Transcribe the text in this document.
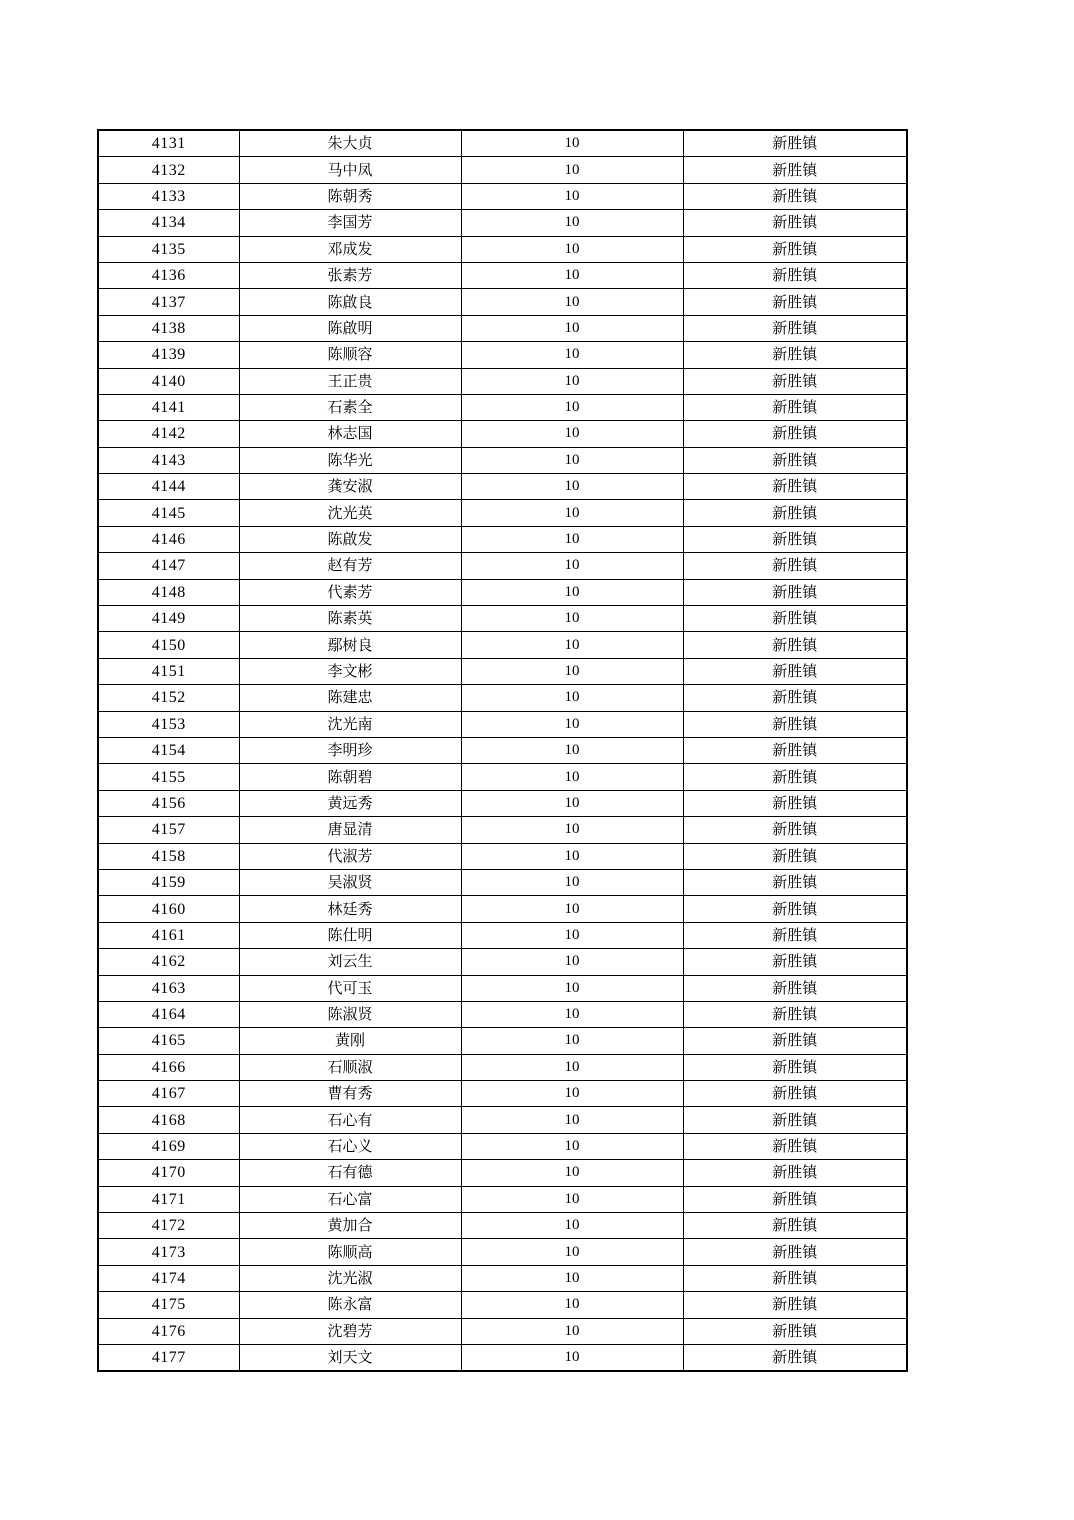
4131	朱大贞	10	新胜镇
4132	马中凤	10	新胜镇
4133	陈朝秀	10	新胜镇
4134	李国芳	10	新胜镇
4135	邓成发	10	新胜镇
4136	张素芳	10	新胜镇
4137	陈啟良	10	新胜镇
4138	陈啟明	10	新胜镇
4139	陈顺容	10	新胜镇
4140	王正贵	10	新胜镇
4141	石素全	10	新胜镇
4142	林志国	10	新胜镇
4143	陈华光	10	新胜镇
4144	龚安淑	10	新胜镇
4145	沈光英	10	新胜镇
4146	陈啟发	10	新胜镇
4147	赵有芳	10	新胜镇
4148	代素芳	10	新胜镇
4149	陈素英	10	新胜镇
4150	鄢树良	10	新胜镇
4151	李文彬	10	新胜镇
4152	陈建忠	10	新胜镇
4153	沈光南	10	新胜镇
4154	李明珍	10	新胜镇
4155	陈朝碧	10	新胜镇
4156	黄远秀	10	新胜镇
4157	唐显清	10	新胜镇
4158	代淑芳	10	新胜镇
4159	吴淑贤	10	新胜镇
4160	林廷秀	10	新胜镇
4161	陈仕明	10	新胜镇
4162	刘云生	10	新胜镇
4163	代可玉	10	新胜镇
4164	陈淑贤	10	新胜镇
4165	黄刚	10	新胜镇
4166	石顺淑	10	新胜镇
4167	曹有秀	10	新胜镇
4168	石心有	10	新胜镇
4169	石心义	10	新胜镇
4170	石有德	10	新胜镇
4171	石心富	10	新胜镇
4172	黄加合	10	新胜镇
4173	陈顺高	10	新胜镇
4174	沈光淑	10	新胜镇
4175	陈永富	10	新胜镇
4176	沈碧芳	10	新胜镇
4177	刘天文	10	新胜镇
